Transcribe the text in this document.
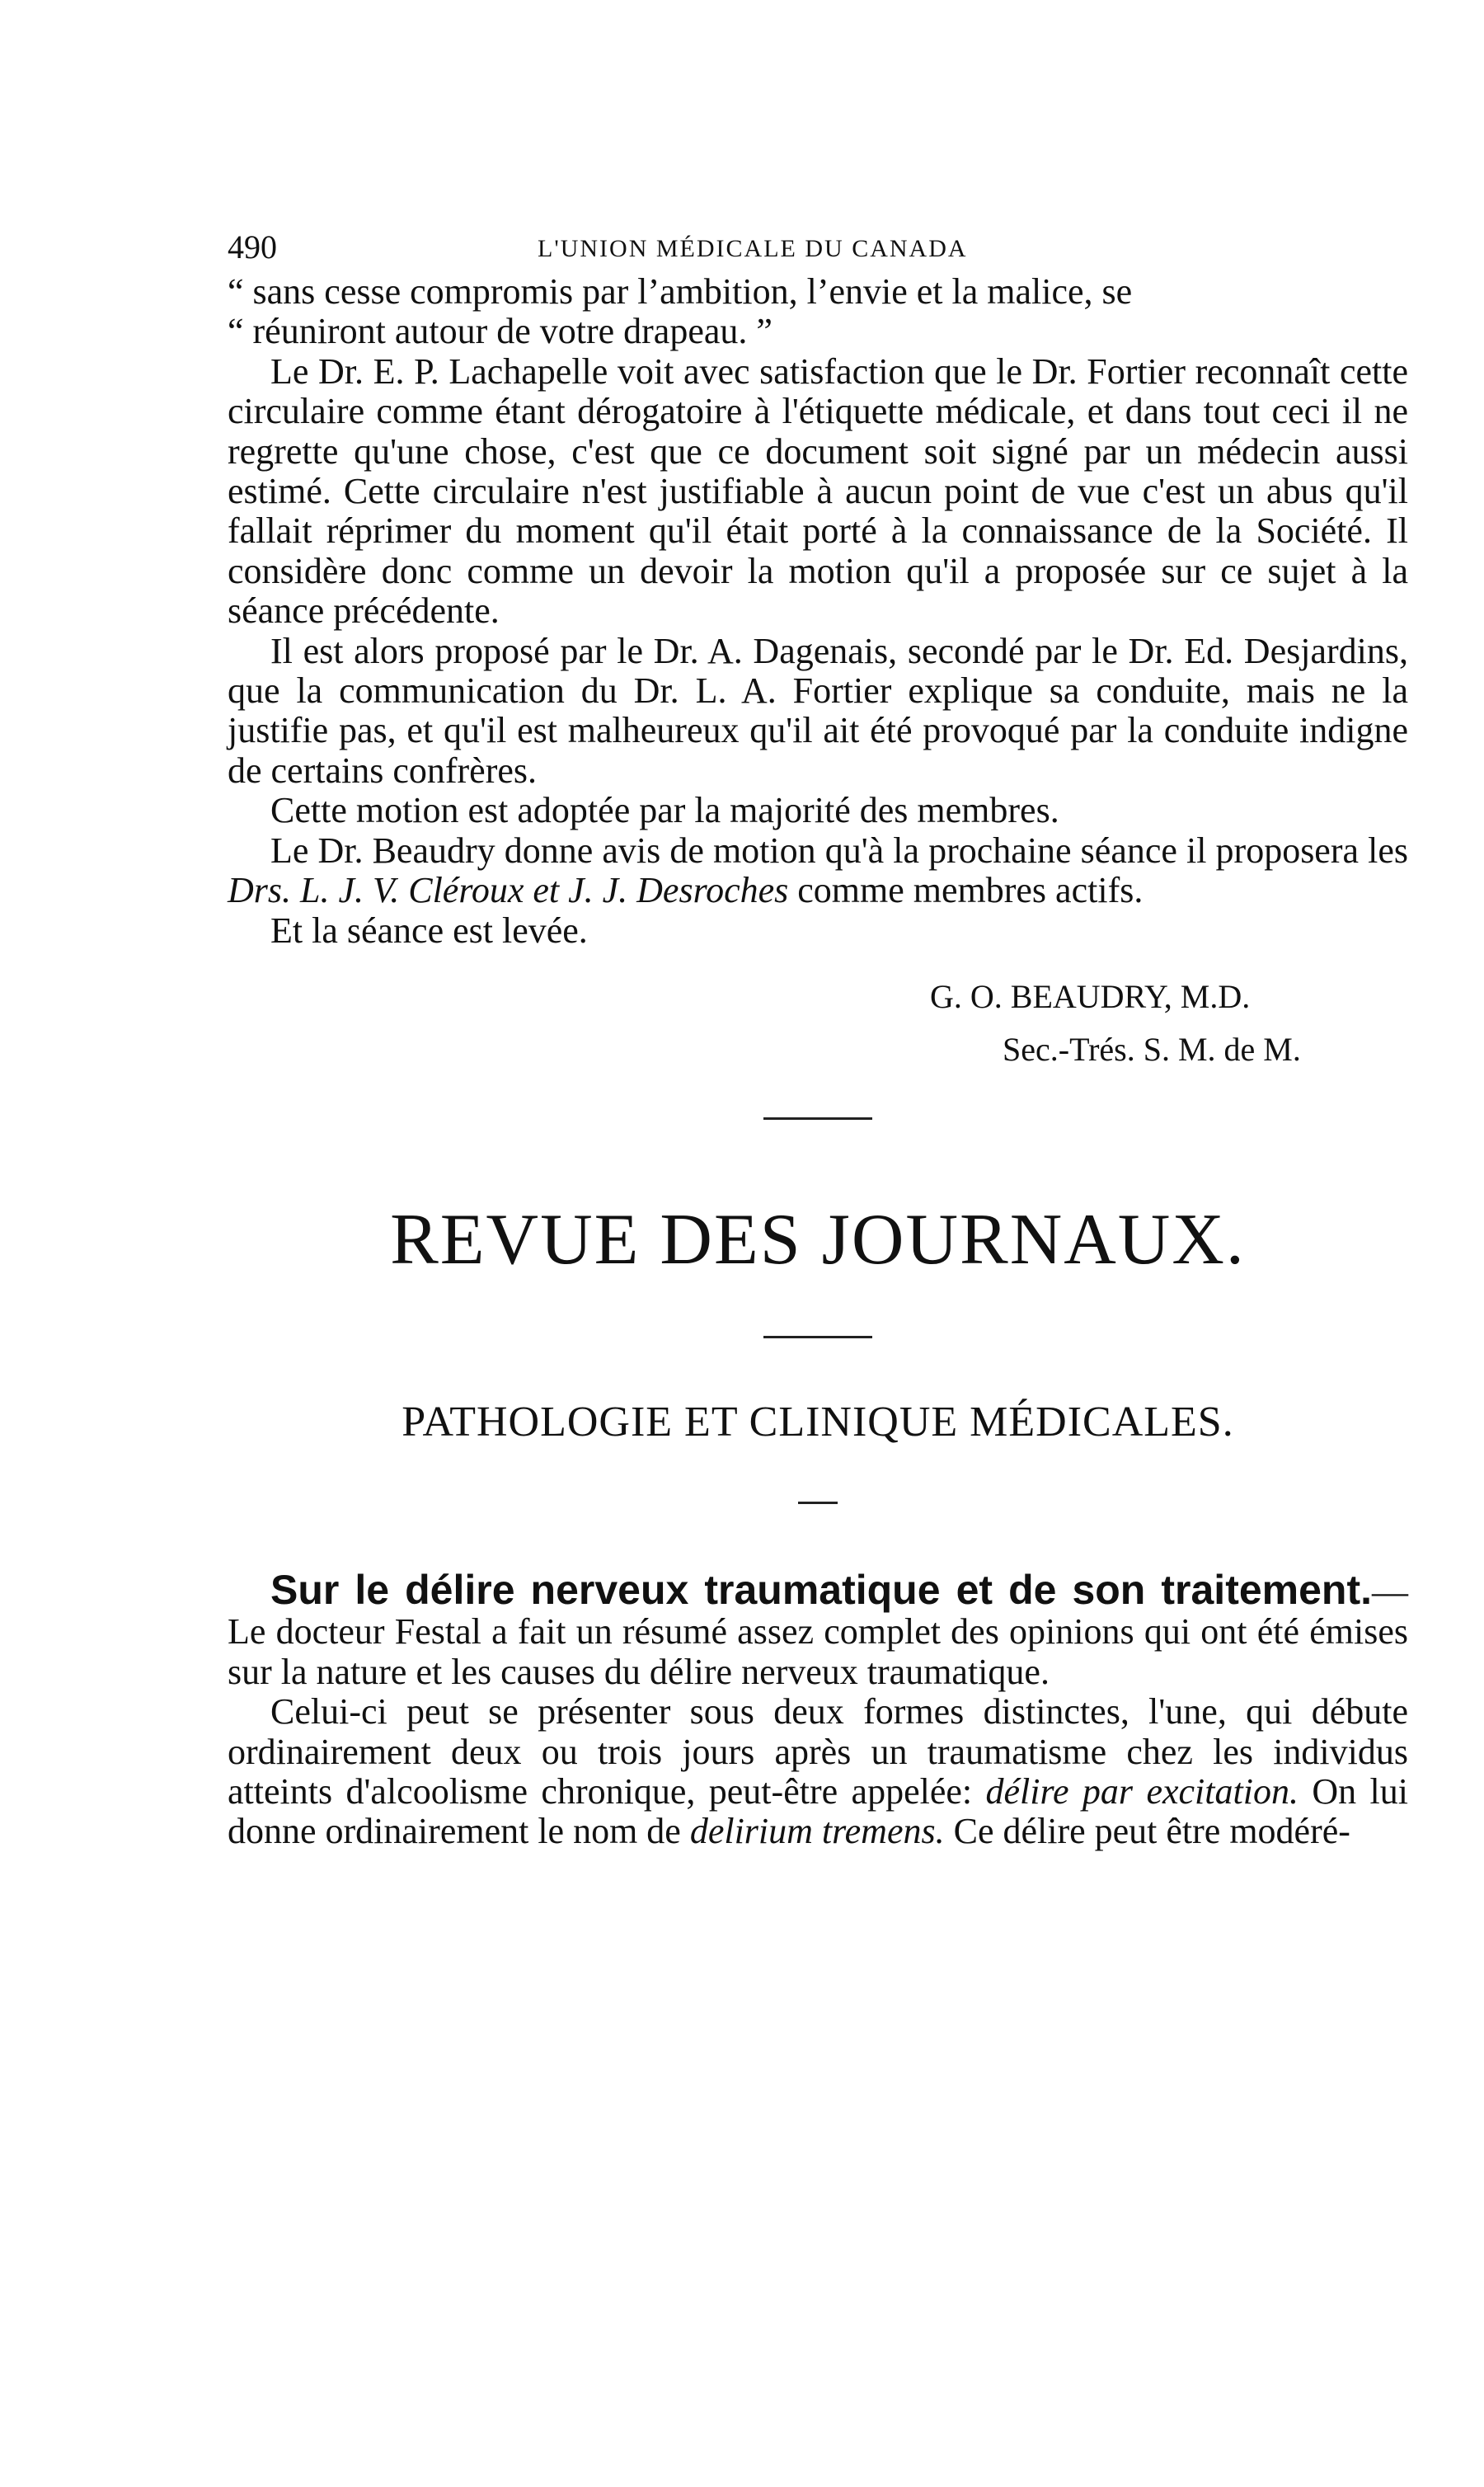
490	L'UNION MÉDICALE DU CANADA

“ sans cesse compromis par l’ambition, l’envie et la malice, se

“ réuniront autour de votre drapeau. ”

Le Dr. E. P. Lachapelle voit avec satisfaction que le Dr. Fortier reconnaît cette circulaire comme étant dérogatoire à l'étiquette médicale, et dans tout ceci il ne regrette qu'une chose, c'est que ce document soit signé par un médecin aussi estimé. Cette circulaire n'est justifiable à aucun point de vue c'est un abus qu'il fallait réprimer du moment qu'il était porté à la connaissance de la Société. Il considère donc comme un devoir la motion qu'il a proposée sur ce sujet à la séance précédente.

Il est alors proposé par le Dr. A. Dagenais, secondé par le Dr. Ed. Desjardins, que la communication du Dr. L. A. Fortier explique sa conduite, mais ne la justifie pas, et qu'il est malheureux qu'il ait été provoqué par la conduite indigne de certains confrères.

Cette motion est adoptée par la majorité des membres.

Le Dr. Beaudry donne avis de motion qu'à la prochaine séance il proposera les Drs. L. J. V. Cléroux et J. J. Desroches comme membres actifs.

Et la séance est levée.

G. O. BEAUDRY, M.D.
Sec.-Trés. S. M. de M.
REVUE DES JOURNAUX.
PATHOLOGIE ET CLINIQUE MÉDICALES.

Sur le délire nerveux traumatique et de son traitement.—Le docteur Festal a fait un résumé assez complet des opinions qui ont été émises sur la nature et les causes du délire nerveux traumatique.

Celui-ci peut se présenter sous deux formes distinctes, l'une, qui débute ordinairement deux ou trois jours après un traumatisme chez les individus atteints d'alcoolisme chronique, peut-être appelée: délire par excitation. On lui donne ordinairement le nom de delirium tremens. Ce délire peut être modéré-
